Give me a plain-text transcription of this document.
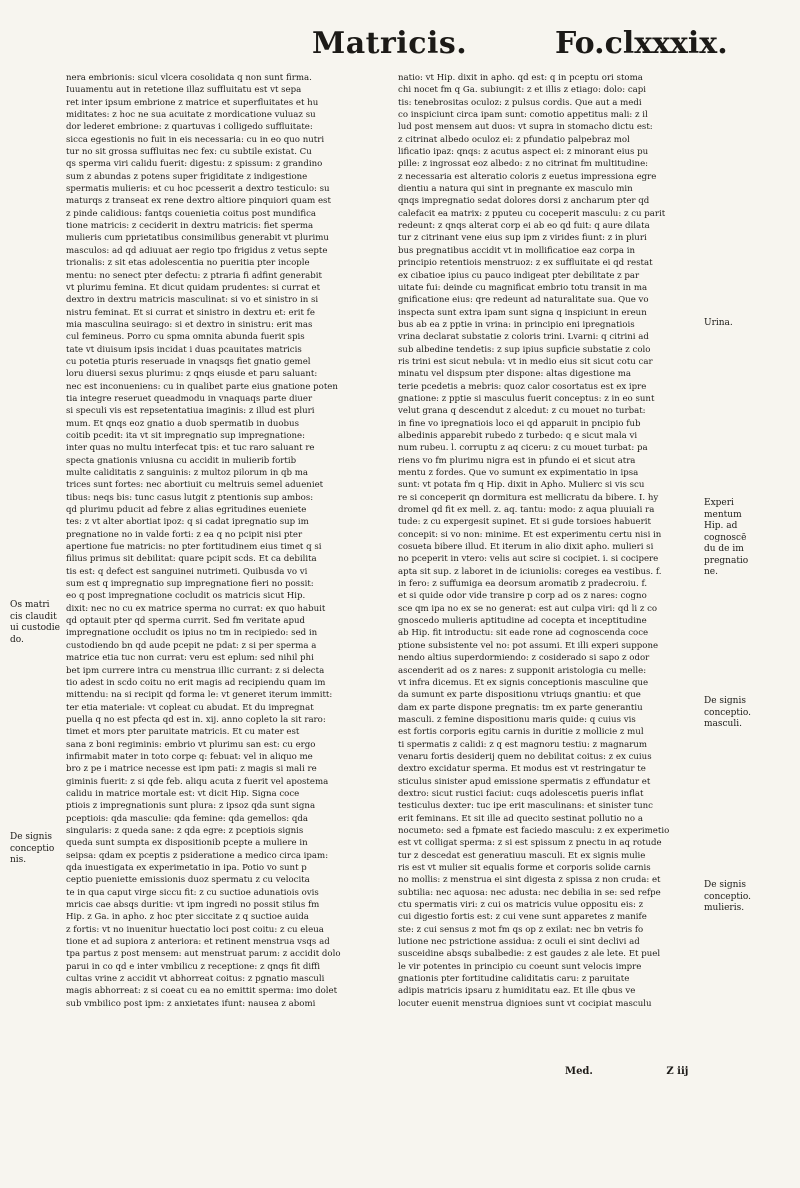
Matricis.	Fo.clxxxix.
nera embrionis: sicul vlcera cosolidata q non sunt firma.
Iuuamentu aut in retetione illaz suffluitatu est vt sepa
ret inter ipsum embrione z matrice et superfluitates et hu
miditates: z hoc ne sua acuitate z mordicatione vuluaz su
dor lederet embrione: z quartuvas i colligedo suffluitate:
sicca egestionis no fuit in eis necessaria: cu in eo quo nutri
tur no sit grossa suffluitas nec fex: cu subtile existat. Cu
qs sperma viri calidu fuerit: digestu: z spissum: z grandino
sum z abundas z potens super frigiditate z indigestione
spermatis mulieris: et cu hoc pcesserit a dextro testiculo: su
maturqs z transeat ex rene dextro altiore pinquiori quam est
z pinde calidious: fantqs couenietia coitus post mundifica
tione matricis: z ceciderit in dextru matricis: fiet sperma
mulieris cum pprietatibus consimilibus generabit vt plurimu
masculos: ad qd adiuuat aer regio tpo frigidus z vetus septe
trionalis: z sit etas adolescentia no pueritia pter incople
mentu: no senect pter defectu: z ptraria fi adfint generabit
vt plurimu femina. Et dicut quidam prudentes: si currat et
dextro in dextru matricis masculinat: si vo et sinistro in si
nistru feminat. Et si currat et sinistro in dextru et: erit fe
mia masculina seuirago: si et dextro in sinistru: erit mas
cul femineus. Porro cu spma omnita abunda fuerit spis
tate vt diuisum ipsis incidat i duas pcauitates matricis
cu potetia pturis reseruade in vnaqsqs fiet gnatio gemel
loru diuersi sexus plurimu: z qnqs eiusde et paru saluant:
nec est inconueniens: cu in qualibet parte eius gnatione poten
tia integre reseruet queadmodu in vnaquaqs parte diuer
si speculi vis est repsetentatiua imaginis: z illud est pluri
mum. Et qnqs eoz gnatio a duob spermatib in duobus
coitib pcedit: ita vt sit impregnatio sup impregnatione:
inter quas no multu interfecat tpis: et tuc raro saluant re
specta gnationis vniusna cu accidit in mulierib fortib
multe caliditatis z sanguinis: z multoz pilorum in qb ma
trices sunt fortes: nec abortiuit cu meltruis semel adueniet
tibus: neqs bis: tunc casus lutgit z ptentionis sup ambos:
qd plurimu pducit ad febre z alias egritudines eueniete
tes: z vt alter abortiat ipoz: q si cadat ipregnatio sup im
pregnatione no in valde forti: z ea q no pcipit nisi pter
apertione fue matricis: no pter fortitudinem eius timet q si
filius primus sit debilitat: quare pcipit scds. Et ca debilita
tis est: q defect est sanguinei nutrimeti. Quibusda vo vi
sum est q impregnatio sup impregnatione fieri no possit:
eo q post impregnatione cocludit os matricis sicut Hip.
dixit: nec no cu ex matrice sperma no currat: ex quo habuit
qd optauit pter qd sperma currit. Sed fm veritate apud
impregnatione occludit os ipius no tm in recipiedo: sed in
custodiendo bn qd aude pcepit ne pdat: z si per sperma a
matrice etia tuc non currat: veru est eplum: sed nihil phi
bet ipm currere intra cu menstrua illic currant: z si delecta
tio adest in scdo coitu no erit magis ad recipiendu quam im
mittendu: na si recipit qd forma le: vt generet iterum immitt:
ter etia materiale: vt copleat cu abudat. Et du impregnat
puella q no est pfecta qd est in. xij. anno copleto la sit raro:
timet et mors pter paruitate matricis. Et cu mater est
sana z boni regiminis: embrio vt plurimu san est: cu ergo
infirmabit mater in toto corpe q: febuat: vel in aliquo me
bro z pe i matrice necesse est ipm pati: z magis si mali re
giminis fuerit: z si qde feb. aliqu acuta z fuerit vel apostema
calidu in matrice mortale est: vt dicit Hip. Signa coce
ptiois z impregnationis sunt plura: z ipsoz qda sunt signa
pceptiois: qda masculie: qda femine: qda gemellos: qda
singularis: z queda sane: z qda egre: z pceptiois signis
queda sunt sumpta ex dispositionib pcepte a muliere in
seipsa: qdam ex pceptis z psideratione a medico circa ipam:
qda inuestigata ex experimetatio in ipa. Potio vo sunt p
ceptio pueniette emissionis duoz spermatu z cu velocita
te in qua caput virge siccu fit: z cu suctioe adunatiois ovis
mricis cae absqs duritie: vt ipm ingredi no possit stilus fm
Hip. z Ga. in apho. z hoc pter siccitate z q suctioe auida
z fortis: vt no inuenitur huectatio loci post coitu: z cu eleua
tione et ad supiora z anteriora: et retinent menstrua vsqs ad
tpa partus z post mensem: aut menstruat parum: z accidit dolo
parui in co qd e inter vmbilicu z receptione: z qnqs fit diffi
cultas vrine z accidit vt abhorreat coitus: z pgnatio masculi
magis abhorreat: z si coeat cu ea no emittit sperma: imo dolet
sub vmbilico post ipm: z anxietates ifunt: nausea z abomi
natio: vt Hip. dixit in apho. qd est: q in pceptu ori stoma
chi nocet fm q Ga. subiungit: z et illis z etiago: dolo: capi
tis: tenebrositas oculoz: z pulsus cordis. Que aut a medi
co inspiciunt circa ipam sunt: comotio appetitus mali: z il
lud post mensem aut duos: vt supra in stomacho dictu est:
z citrinat albedo oculoz ei: z pfundatio palpebraz mol
lificatio ipaz: qnqs: z acutus aspect ei: z minorant eius pu
pille: z ingrossat eoz albedo: z no citrinat fm multitudine:
z necessaria est alteratio coloris z euetus impressiona egre
dientiu a natura qui sint in pregnante ex masculo min
qnqs impregnatio sedat dolores dorsi z ancharum pter qd
calefacit ea matrix: z pputeu cu coceperit masculu: z cu parit
redeunt: z qnqs alterat corp ei ab eo qd fuit: q aure dilata
tur z citrinant vene eius sup ipm z virides fiunt: z in pluri
bus pregnatibus accidit vt in mollificatioe eaz corpa in
principio retentiois menstruoz: z ex suffluitate ei qd restat
ex cibatioe ipius cu pauco indigeat pter debilitate z par
uitate fui: deinde cu magnificat embrio totu transit in ma
gnificatione eius: qre redeunt ad naturalitate sua. Que vo
inspecta sunt extra ipam sunt signa q inspiciunt in ereun
bus ab ea z pptie in vrina: in principio eni ipregnatiois
vrina declarat substatie z coloris trini. Lvarni: q citrini ad
sub albedine tendetis: z sup ipius supficie substatie z colo
ris trini est sicut nebula: vt in medio eius sit sicut cotu car
minatu vel dispsum pter dispone: altas digestione ma
terie pcedetis a mebris: quoz calor cosortatus est ex ipre
gnatione: z pptie si masculus fuerit conceptus: z in eo sunt
velut grana q descendut z alcedut: z cu mouet no turbat:
in fine vo ipregnatiois loco ei qd apparuit in pncipio fub
albedinis apparebit rubedo z turbedo: q e sicut mala vi
num rubeu. l. corruptu z aq ciceru: z cu mouet turbat: pa
riens vo fm plurimu nigra est in pfundo ei et sicut atra
mentu z fordes. Que vo sumunt ex expimentatio in ipsa
sunt: vt potata fm q Hip. dixit in Apho. Mulierc si vis scu
re si conceperit qn dormitura est mellicratu da bibere. I. hy
dromel qd fit ex mell. z. aq. tantu: modo: z aqua pluuiali ra
tude: z cu expergesit supinet. Et si gude torsioes habuerit
concepit: si vo non: minime. Et est experimentu certu nisi in
cosueta bibere illud. Et iterum in alio dixit apho. mulieri si
no pceperit in vtero: velis aut scire si cocipiet. i. si cocipere
apta sit sup. z laboret in de iciuniolis: coreges ea vestibus. f.
in fero: z suffumiga ea deorsum aromatib z pradecroiu. f.
et si quide odor vide transire p corp ad os z nares: cogno
sce qm ipa no ex se no generat: est aut culpa viri: qd li z co
gnoscedo mulieris aptitudine ad cocepta et inceptitudine
ab Hip. fit introductu: sit eade rone ad cognoscenda coce
ptione subsistente vel no: pot assumi. Et illi experi suppone
nendo altius superdormiendo: z cosiderado si sapo z odor
ascenderit ad os z nares: z supponit aristologia cu melle:
vt infra dicemus. Et ex signis conceptionis masculine que
da sumunt ex parte dispositionu vtriuqs gnantiu: et que
dam ex parte dispone pregnatis: tm ex parte generantiu
masculi. z femine dispositionu maris quide: q cuius vis
est fortis corporis egitu carnis in duritie z mollicie z mul
ti spermatis z calidi: z q est magnoru testiu: z magnarum
venaru fortis desiderij quem no debilitat coitus: z ex cuius
dextro excidatur sperma. Et modus est vt restringatur te
sticulus sinister apud emissione spermatis z effundatur et
dextro: sicut rustici faciut: cuqs adolescetis pueris inflat
testiculus dexter: tuc ipe erit masculinans: et sinister tunc
erit feminans. Et sit ille ad quecito sestinat pollutio no a
nocumeto: sed a fpmate est faciedo masculu: z ex experimetio
est vt colligat sperma: z si est spissum z pnectu in aq rotude
tur z descedat est generatiuu masculi. Et ex signis mulie
ris est vt mulier sit equalis forme et corporis solide carnis
no mollis: z menstrua ei sint digesta z spissa z non cruda: et
subtilia: nec aquosa: nec adusta: nec debilia in se: sed refpe
ctu spermatis viri: z cui os matricis vulue oppositu eis: z
cui digestio fortis est: z cui vene sunt apparetes z manife
ste: z cui sensus z mot fm qs op z exilat: nec bn vetris fo
lutione nec pstrictione assidua: z oculi ei sint declivi ad
susceidine absqs subalbedie: z est gaudes z ale lete. Et puel
le vir potentes in principio cu coeunt sunt velocis impre
gnationis pter fortitudine caliditatis caru: z paruitate
adipis matricis ipsaru z humiditatu eaz. Et ille qbus ve
locuter euenit menstrua dignioes sunt vt cocipiat masculu
Os matri
cis claudit
ui custodie
do.
De signis
conceptio
nis.
Urina.
Experi
mentum
Hip. ad
cognoscē
du de im
pregnatio
ne.
De signis
conceptio.
masculi.
De signis
conceptio.
mulieris.
Med.	Z iij
